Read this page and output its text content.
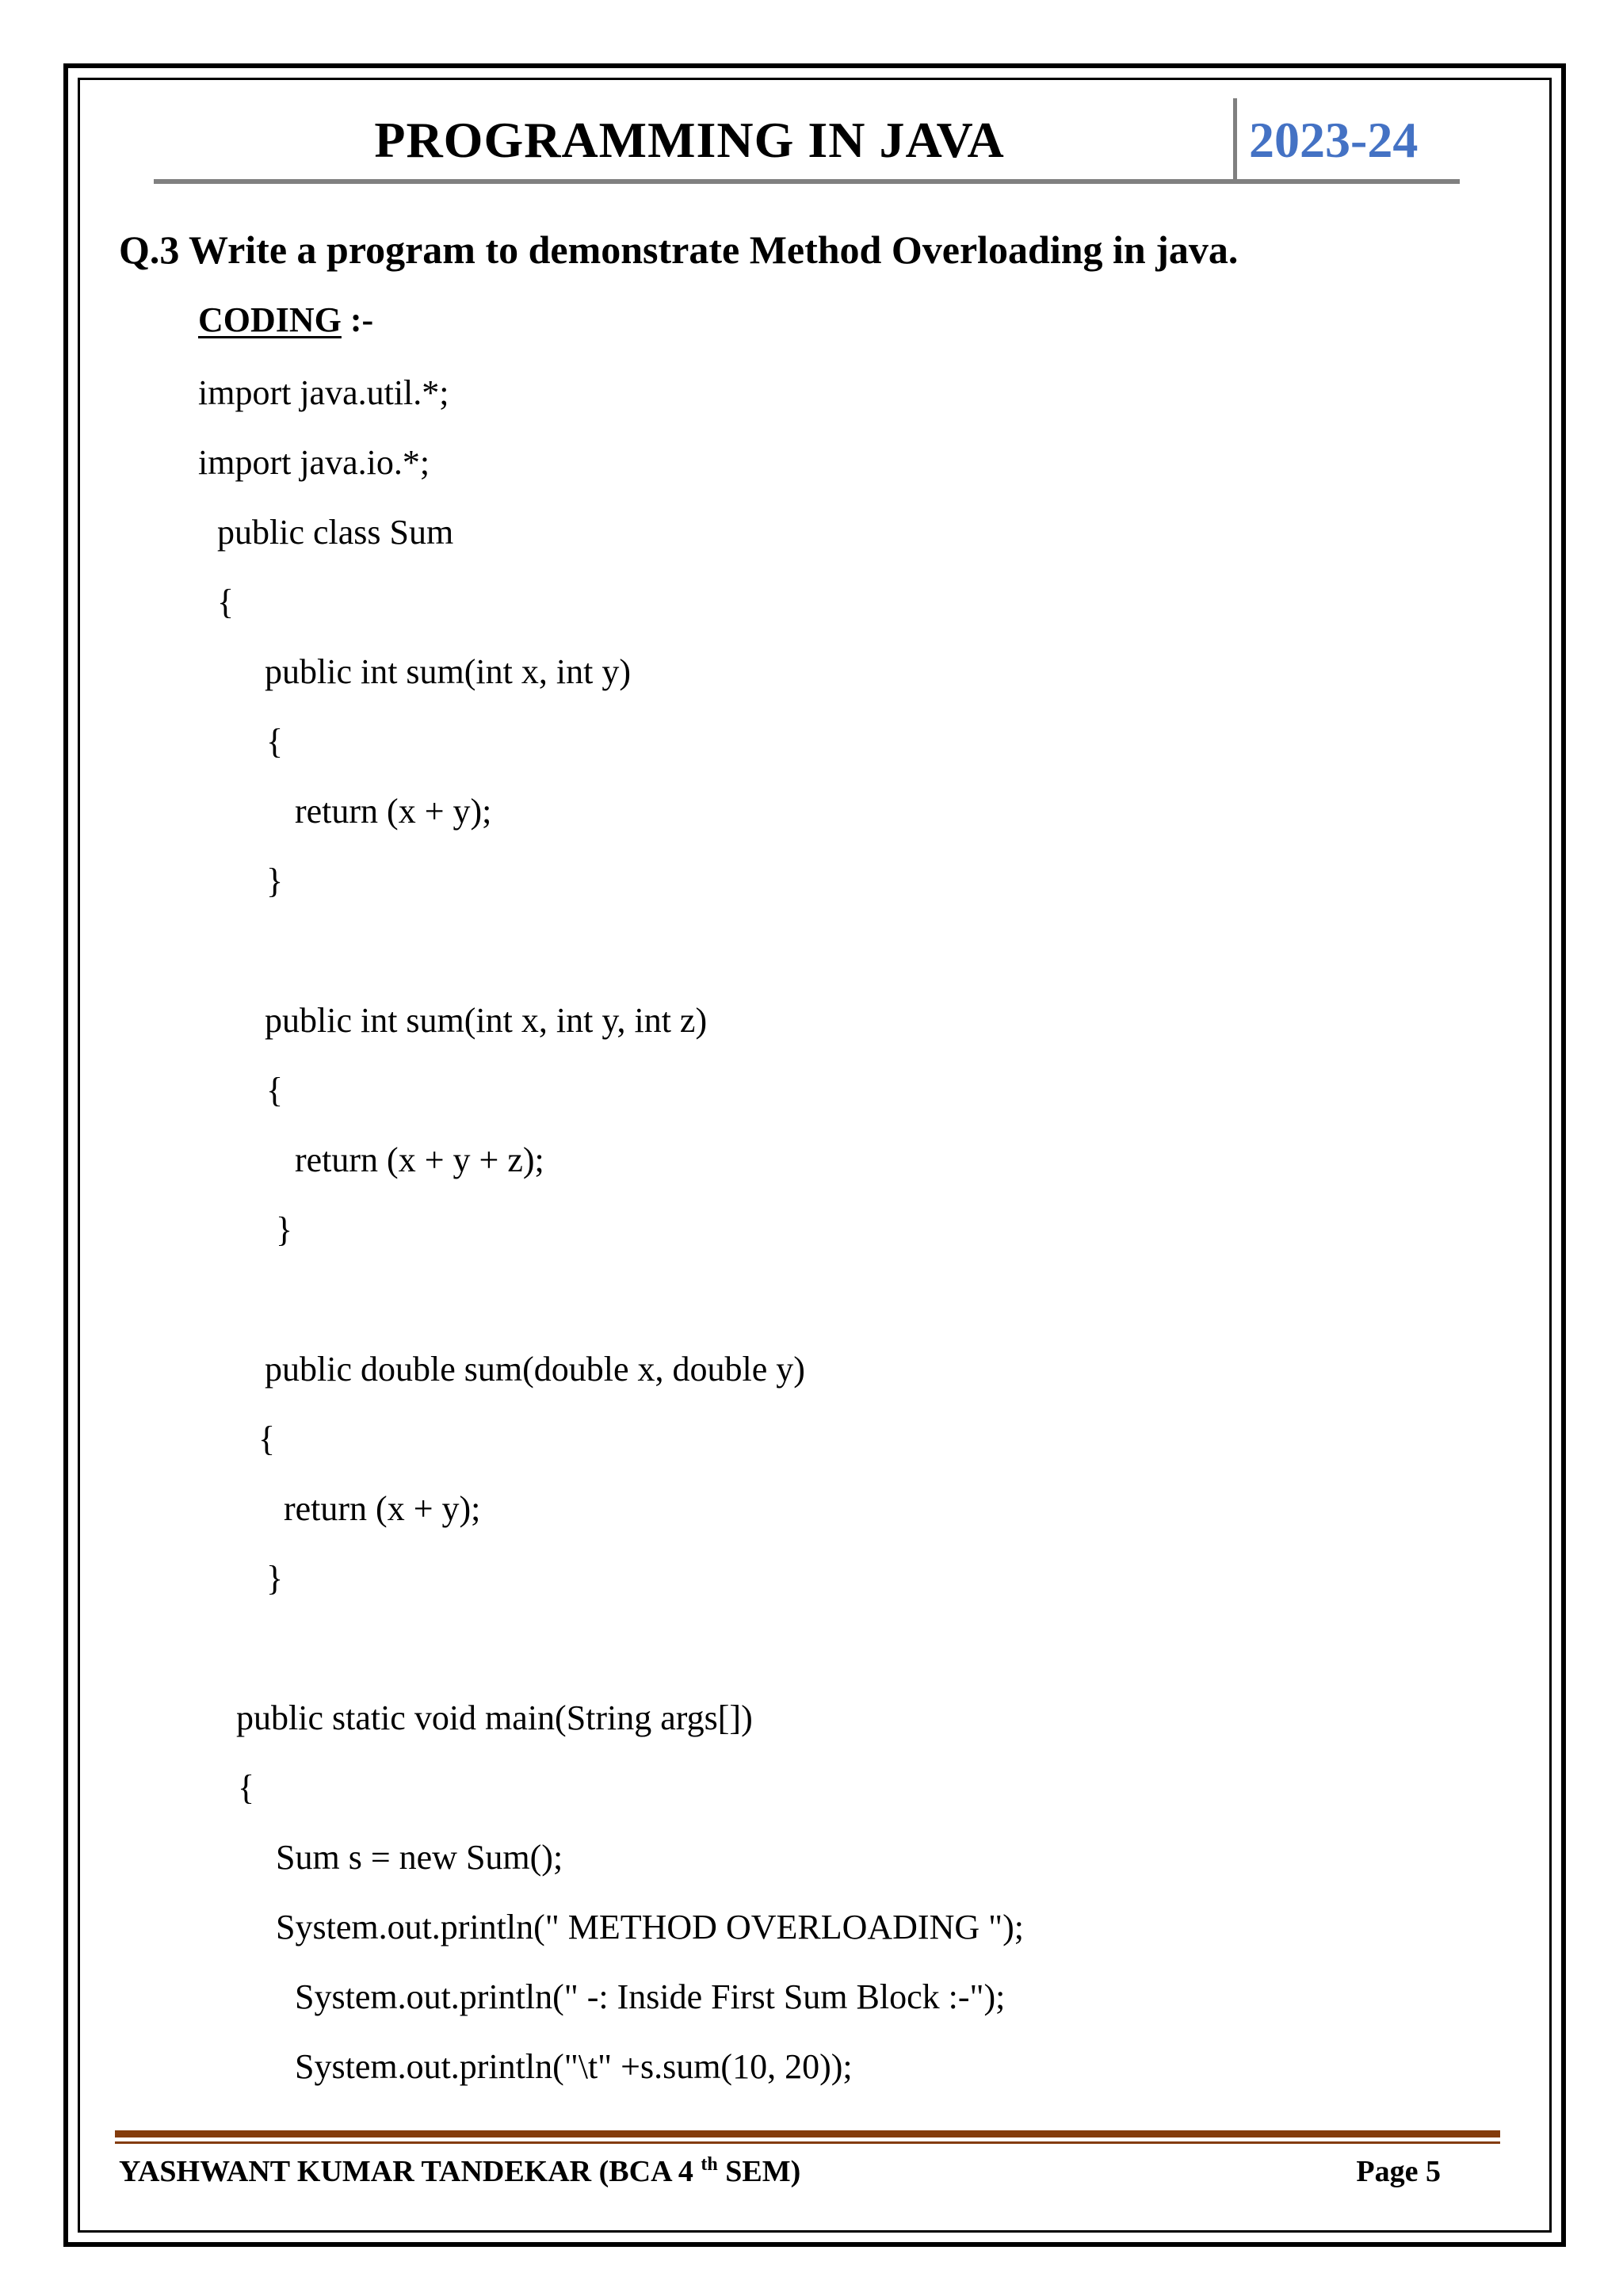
PROGRAMMING IN JAVA	2023-24
Q.3 Write a program to demonstrate Method Overloading in java.
CODING :-
import java.util.*;
import java.io.*;
public class Sum
{
public int sum(int x, int y)
{
return (x + y);
}
public int sum(int x, int y, int z)
{
return (x + y + z);
}
public double sum(double x, double y)
{
return (x + y);
}
public static void main(String args[])
{
Sum s = new Sum();
System.out.println(" METHOD OVERLOADING ");
System.out.println(" -: Inside First Sum Block :-");
System.out.println("\t" +s.sum(10, 20));
YASHWANT KUMAR TANDEKAR (BCA 4 $^{th}$ SEM)	Page 5
